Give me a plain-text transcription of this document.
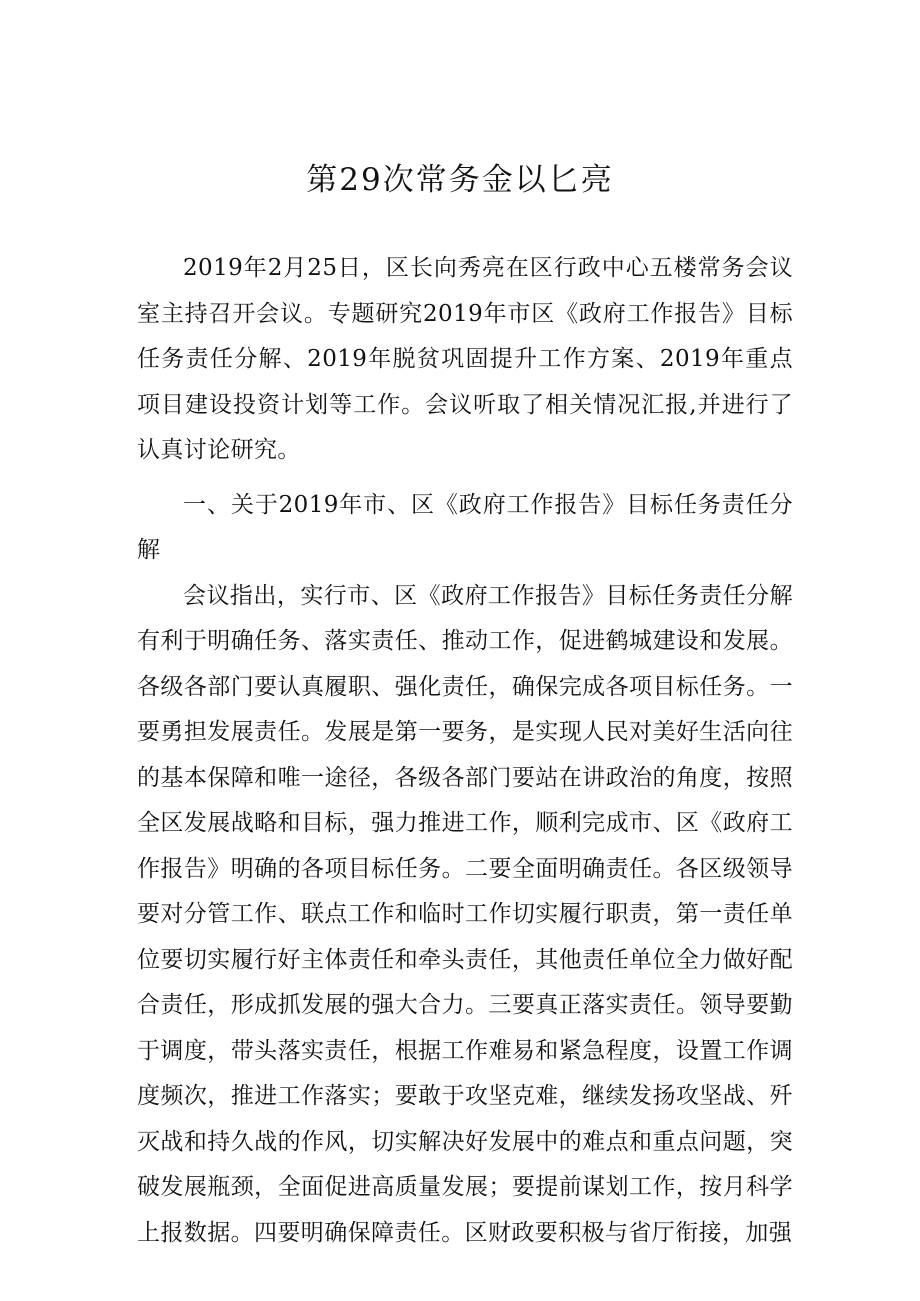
第29次常务金以匕亮

2019年2月25日，区长向秀亮在区行政中心五楼常务会议室主持召开会议。专题研究2019年市区《政府工作报告》目标任务责任分解、2019年脱贫巩固提升工作方案、2019年重点项目建设投资计划等工作。会议听取了相关情况汇报,并进行了认真讨论研究。

一、关于2019年市、区《政府工作报告》目标任务责任分解

会议指出，实行市、区《政府工作报告》目标任务责任分解有利于明确任务、落实责任、推动工作，促进鹤城建设和发展。各级各部门要认真履职、强化责任，确保完成各项目标任务。一要勇担发展责任。发展是第一要务，是实现人民对美好生活向往的基本保障和唯一途径，各级各部门要站在讲政治的角度，按照全区发展战略和目标，强力推进工作，顺利完成市、区《政府工作报告》明确的各项目标任务。二要全面明确责任。各区级领导要对分管工作、联点工作和临时工作切实履行职责，第一责任单位要切实履行好主体责任和牵头责任，其他责任单位全力做好配合责任，形成抓发展的强大合力。三要真正落实责任。领导要勤于调度，带头落实责任，根据工作难易和紧急程度，设置工作调度频次，推进工作落实；要敢于攻坚克难，继续发扬攻坚战、歼灭战和持久战的作风，切实解决好发展中的难点和重点问题，突破发展瓶颈，全面促进高质量发展；要提前谋划工作，按月科学上报数据。四要明确保障责任。区财政要积极与省厅衔接，加强
